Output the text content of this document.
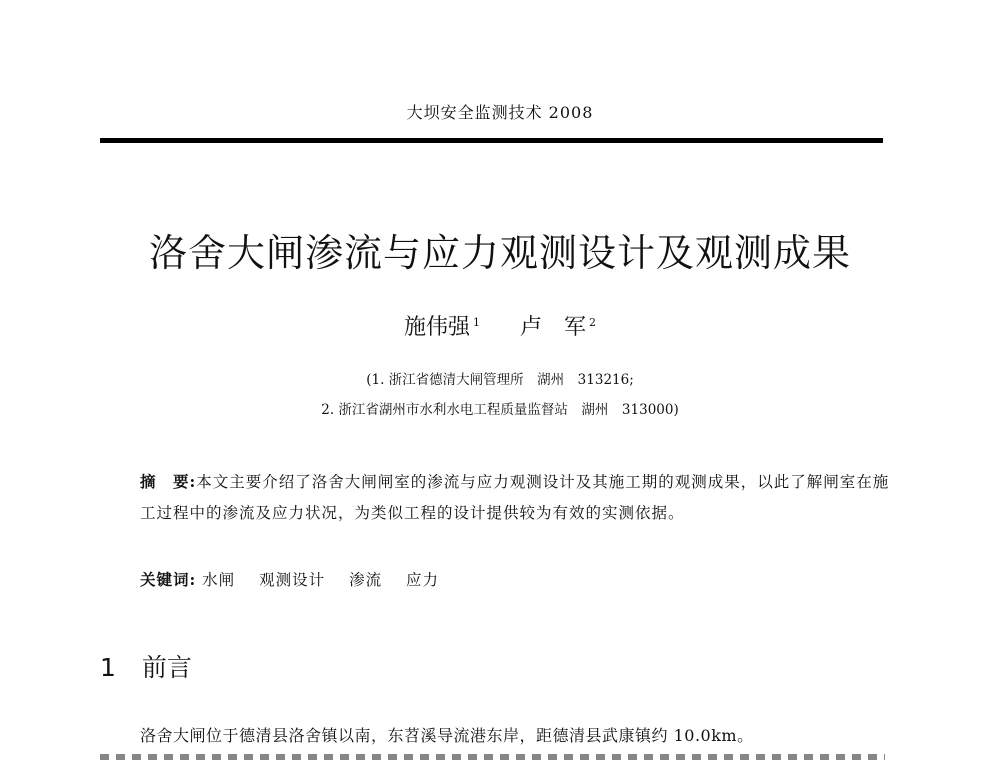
大坝安全监测技术 2008
洛舍大闸渗流与应力观测设计及观测成果
施伟强 $^1$ 卢　军 $^2$
(1. 浙江省德清大闸管理所　湖州　313216;
2. 浙江省湖州市水利水电工程质量监督站　湖州　313000)
摘　要:本文主要介绍了洛舍大闸闸室的渗流与应力观测设计及其施工期的观测成果，以此了解闸室在施工过程中的渗流及应力状况，为类似工程的设计提供较为有效的实测依据。
关键词: 水闸 观测设计 渗流 应力
1 前言
洛舍大闸位于德清县洛舍镇以南，东苕溪导流港东岸，距德清县武康镇约 10.0km。
